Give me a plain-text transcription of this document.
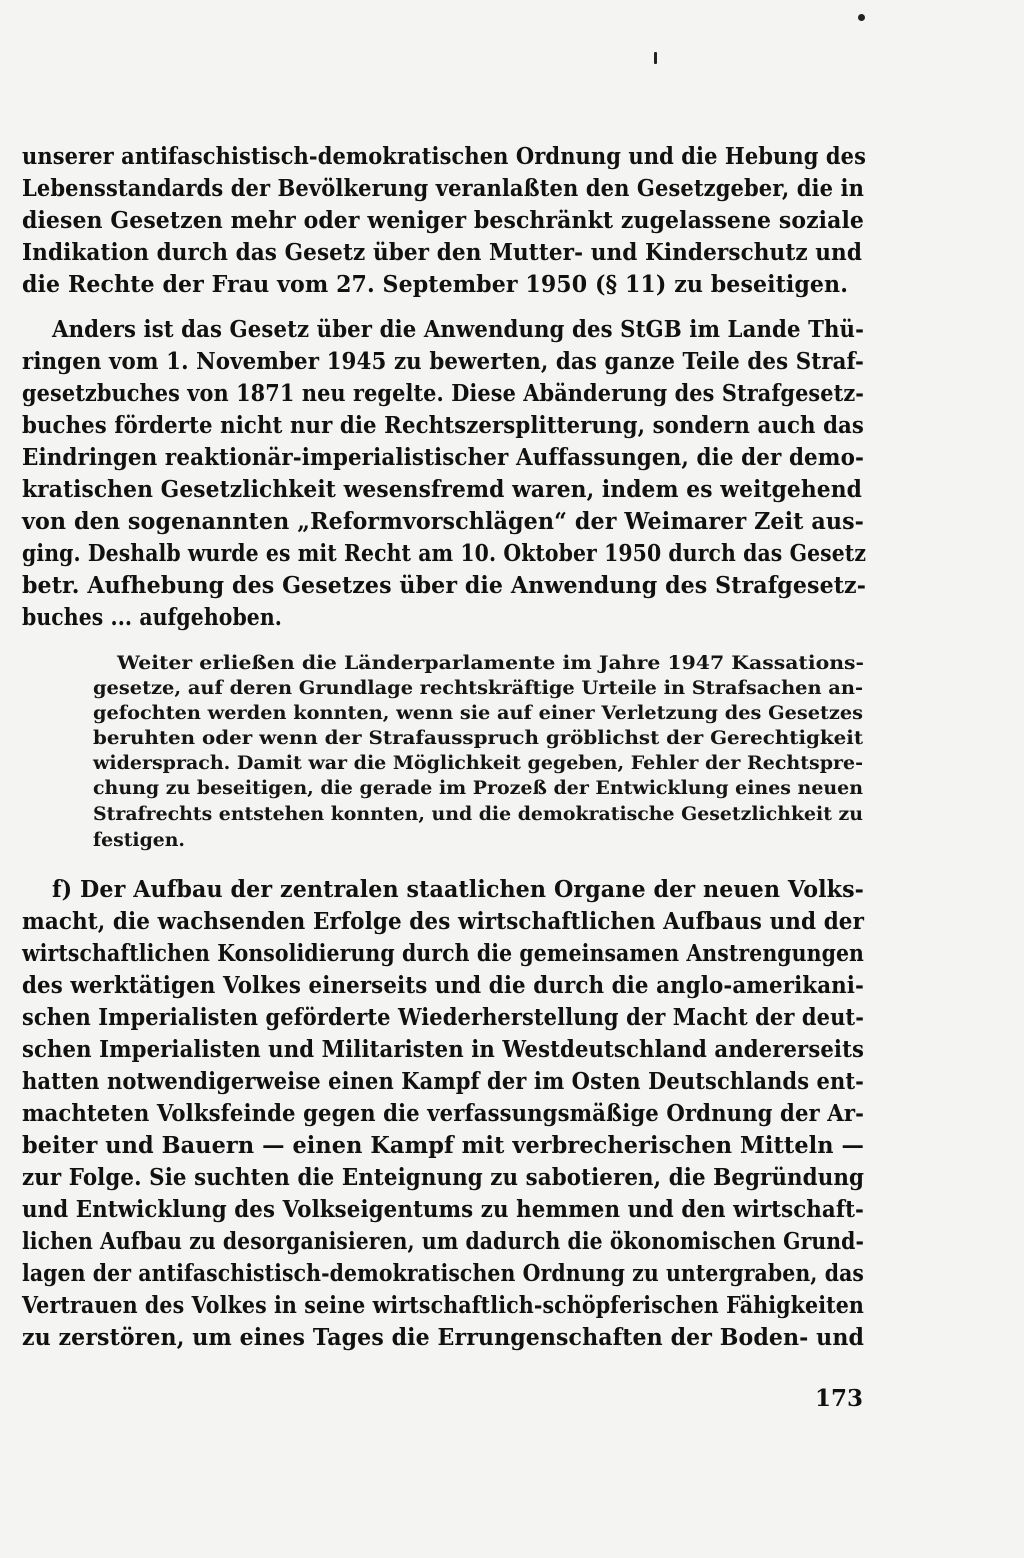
unserer antifaschistisch-demokratischen Ordnung und die Hebung des
Lebensstandards der Bevölkerung veranlaßten den Gesetzgeber, die in
diesen Gesetzen mehr oder weniger beschränkt zugelassene soziale
Indikation durch das Gesetz über den Mutter- und Kinderschutz und
die Rechte der Frau vom 27. September 1950 (§ 11) zu beseitigen.
Anders ist das Gesetz über die Anwendung des StGB im Lande Thü-
ringen vom 1. November 1945 zu bewerten, das ganze Teile des Straf-
gesetzbuches von 1871 neu regelte. Diese Abänderung des Strafgesetz-
buches förderte nicht nur die Rechtszersplitterung, sondern auch das
Eindringen reaktionär-imperialistischer Auffassungen, die der demo-
kratischen Gesetzlichkeit wesensfremd waren, indem es weitgehend
von den sogenannten „Reformvorschlägen“ der Weimarer Zeit aus-
ging. Deshalb wurde es mit Recht am 10. Oktober 1950 durch das Gesetz
betr. Aufhebung des Gesetzes über die Anwendung des Strafgesetz-
buches ... aufgehoben.
Weiter erließen die Länderparlamente im Jahre 1947 Kassations-
gesetze, auf deren Grundlage rechtskräftige Urteile in Strafsachen an-
gefochten werden konnten, wenn sie auf einer Verletzung des Gesetzes
beruhten oder wenn der Strafausspruch gröblichst der Gerechtigkeit
widersprach. Damit war die Möglichkeit gegeben, Fehler der Rechtspre-
chung zu beseitigen, die gerade im Prozeß der Entwicklung eines neuen
Strafrechts entstehen konnten, und die demokratische Gesetzlichkeit zu
festigen.
f) Der Aufbau der zentralen staatlichen Organe der neuen Volks-
macht, die wachsenden Erfolge des wirtschaftlichen Aufbaus und der
wirtschaftlichen Konsolidierung durch die gemeinsamen Anstrengungen
des werktätigen Volkes einerseits und die durch die anglo-amerikani-
schen Imperialisten geförderte Wiederherstellung der Macht der deut-
schen Imperialisten und Militaristen in Westdeutschland andererseits
hatten notwendigerweise einen Kampf der im Osten Deutschlands ent-
machteten Volksfeinde gegen die verfassungsmäßige Ordnung der Ar-
beiter und Bauern — einen Kampf mit verbrecherischen Mitteln —
zur Folge. Sie suchten die Enteignung zu sabotieren, die Begründung
und Entwicklung des Volkseigentums zu hemmen und den wirtschaft-
lichen Aufbau zu desorganisieren, um dadurch die ökonomischen Grund-
lagen der antifaschistisch-demokratischen Ordnung zu untergraben, das
Vertrauen des Volkes in seine wirtschaftlich-schöpferischen Fähigkeiten
zu zerstören, um eines Tages die Errungenschaften der Boden- und
173
